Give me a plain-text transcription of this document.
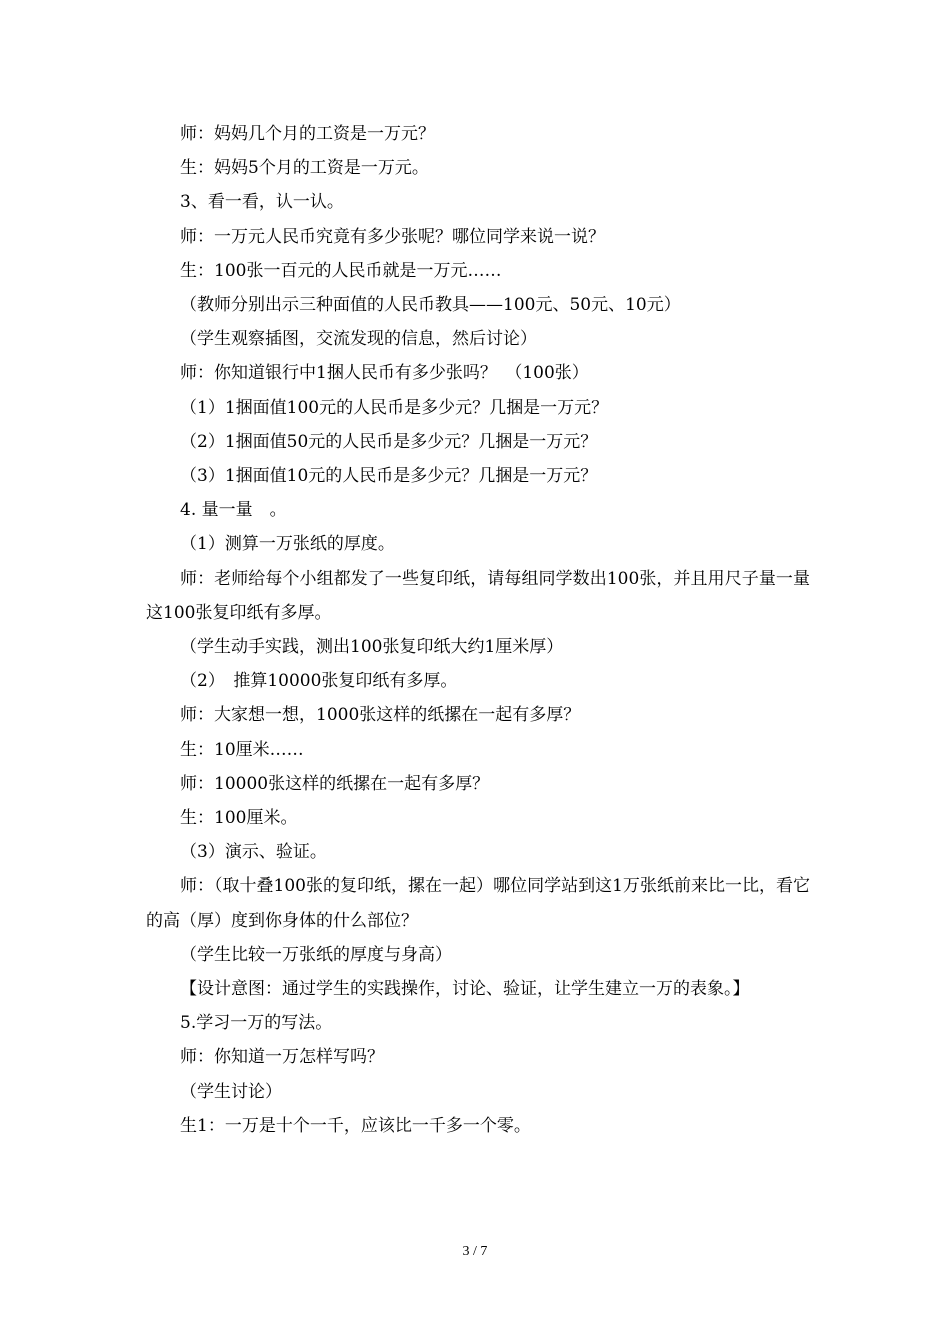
师：妈妈几个月的工资是一万元？

生：妈妈5个月的工资是一万元。

3、看一看，认一认。

师：一万元人民币究竟有多少张呢？哪位同学来说一说？

生：100张一百元的人民币就是一万元……

（教师分别出示三种面值的人民币教具——100元、50元、10元）

（学生观察插图，交流发现的信息，然后讨论）

师：你知道银行中1捆人民币有多少张吗？　（100张）

（1）1捆面值100元的人民币是多少元？几捆是一万元？

（2）1捆面值50元的人民币是多少元？几捆是一万元？

（3）1捆面值10元的人民币是多少元？几捆是一万元？

4. 量一量　。

（1）测算一万张纸的厚度。

师：老师给每个小组都发了一些复印纸，请每组同学数出100张，并且用尺子量一量这100张复印纸有多厚。

（学生动手实践，测出100张复印纸大约1厘米厚）

（2）　推算10000张复印纸有多厚。

师：大家想一想，1000张这样的纸摞在一起有多厚？

生：10厘米……

师：10000张这样的纸摞在一起有多厚？

生：100厘米。

（3）演示、验证。

师：（取十叠100张的复印纸，摞在一起）哪位同学站到这1万张纸前来比一比，看它的高（厚）度到你身体的什么部位？

（学生比较一万张纸的厚度与身高）

【设计意图：通过学生的实践操作，讨论、验证，让学生建立一万的表象。】

5.学习一万的写法。

师：你知道一万怎样写吗？

（学生讨论）

生1：一万是十个一千，应该比一千多一个零。

3 / 7
